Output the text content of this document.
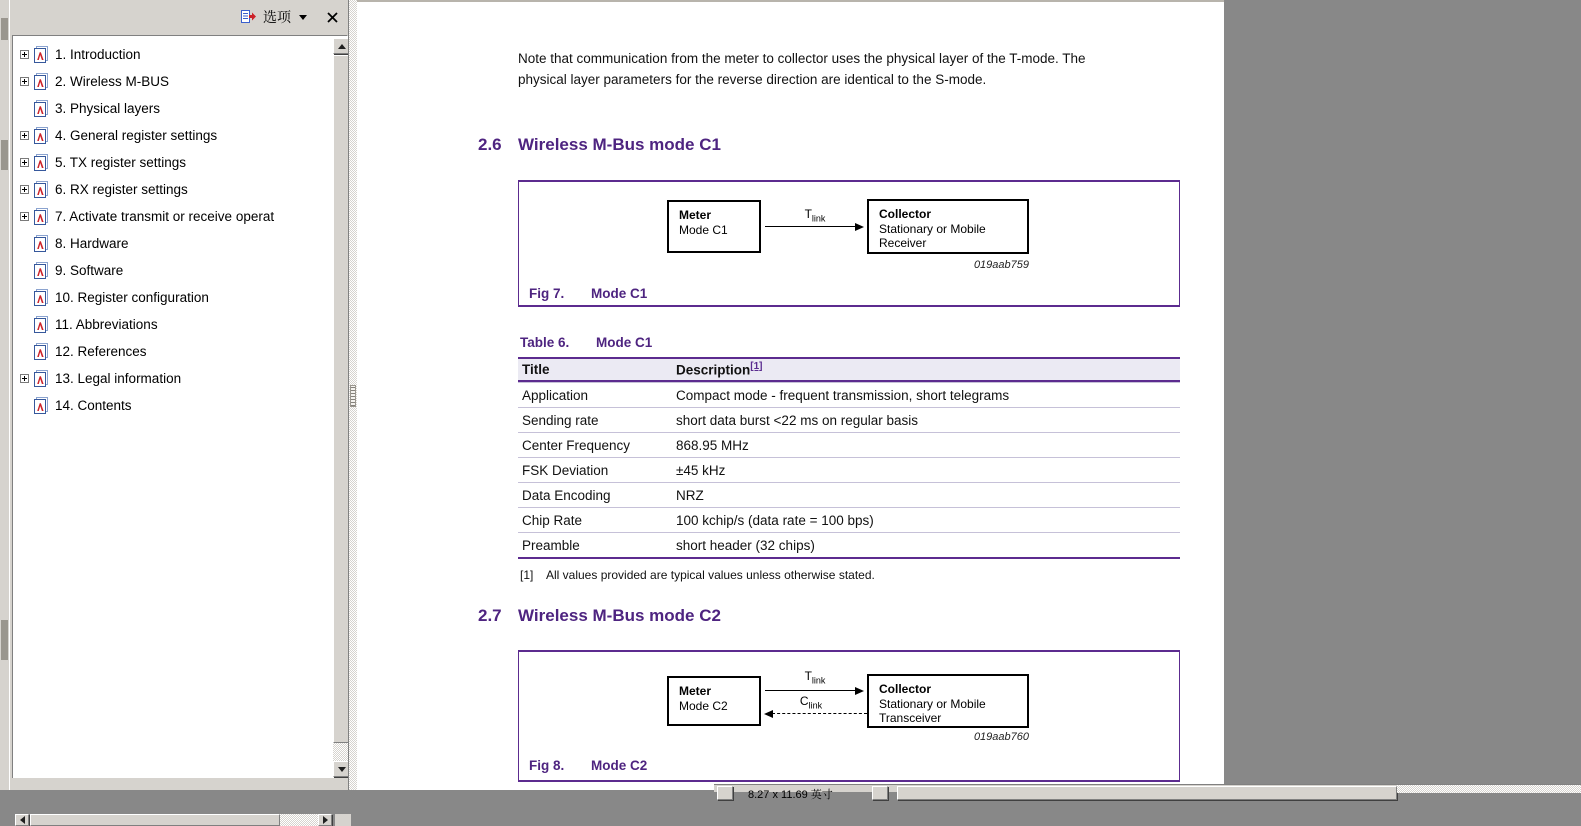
选项
1. Introduction
2. Wireless M-BUS
3. Physical layers
4. General register settings
5. TX register settings
6. RX register settings
7. Activate transmit or receive operat
8. Hardware
9. Software
10. Register configuration
11. Abbreviations
12. References
13. Legal information
14. Contents
Note that communication from the meter to collector uses the physical layer of the T-mode. The physical layer parameters for the reverse direction are identical to the S-mode.
2.6 Wireless M-Bus mode C1
Meter
Mode C1
Collector
Stationary or Mobile
Receiver
$T_{link}$
019aab759
Fig 7.	Mode C1
Table 6.	Mode C1
Title	Description[1]
Application	Compact mode - frequent transmission, short telegrams
Sending rate	short data burst <22 ms on regular basis
Center Frequency	868.95 MHz
FSK Deviation	±45 kHz
Data Encoding	NRZ
Chip Rate	100 kchip/s (data rate = 100 bps)
Preamble	short header (32 chips)
[1]	All values provided are typical values unless otherwise stated.
2.7 Wireless M-Bus mode C2
Meter
Mode C2
Collector
Stationary or Mobile
Transceiver
$T_{link}$
$C_{link}$
019aab760
Fig 8.	Mode C2
8.27 x 11.69 英寸
